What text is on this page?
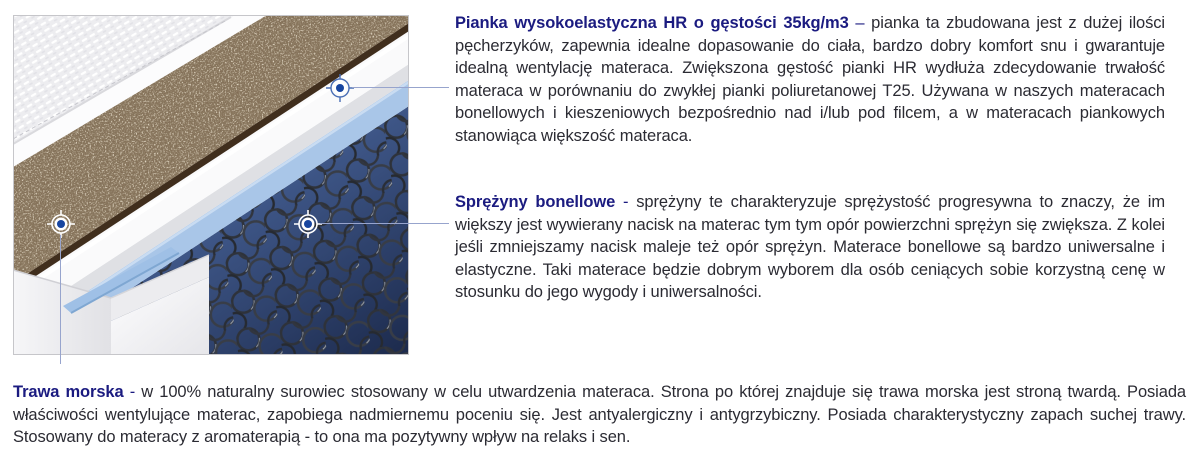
Pianka wysokoelastyczna HR o gęstości 35kg/m3 – pianka ta zbudowana jest z dużej ilości pęcherzyków, zapewnia idealne dopasowanie do ciała, bardzo dobry komfort snu i gwarantuje idealną wentylację materaca. Zwiększona gęstość pianki HR wydłuża zdecydowanie trwałość materaca w porównaniu do zwykłej pianki poliuretanowej T25. Używana w naszych materacach bonellowych i kieszeniowych bezpośrednio nad i/lub pod filcem, a w materacach piankowych stanowiąca większość materaca.

Sprężyny bonellowe - sprężyny te charakteryzuje sprężystość progresywna to znaczy, że im większy jest wywierany nacisk na materac tym tym opór powierzchni sprężyn się zwiększa. Z kolei jeśli zmniejszamy nacisk maleje też opór sprężyn. Materace bonellowe są bardzo uniwersalne i elastyczne. Taki materace będzie dobrym wyborem dla osób ceniących sobie korzystną cenę w stosunku do jego wygody i uniwersalności.

Trawa morska - w 100% naturalny surowiec stosowany w celu utwardzenia materaca. Strona po której znajduje się trawa morska jest stroną twardą. Posiada właściwości wentylujące materac, zapobiega nadmiernemu poceniu się. Jest antyalergiczny i antygrzybiczny. Posiada charakterystyczny zapach suchej trawy. Stosowany do materacy z aromaterapią - to ona ma pozytywny wpływ na relaks i sen.
